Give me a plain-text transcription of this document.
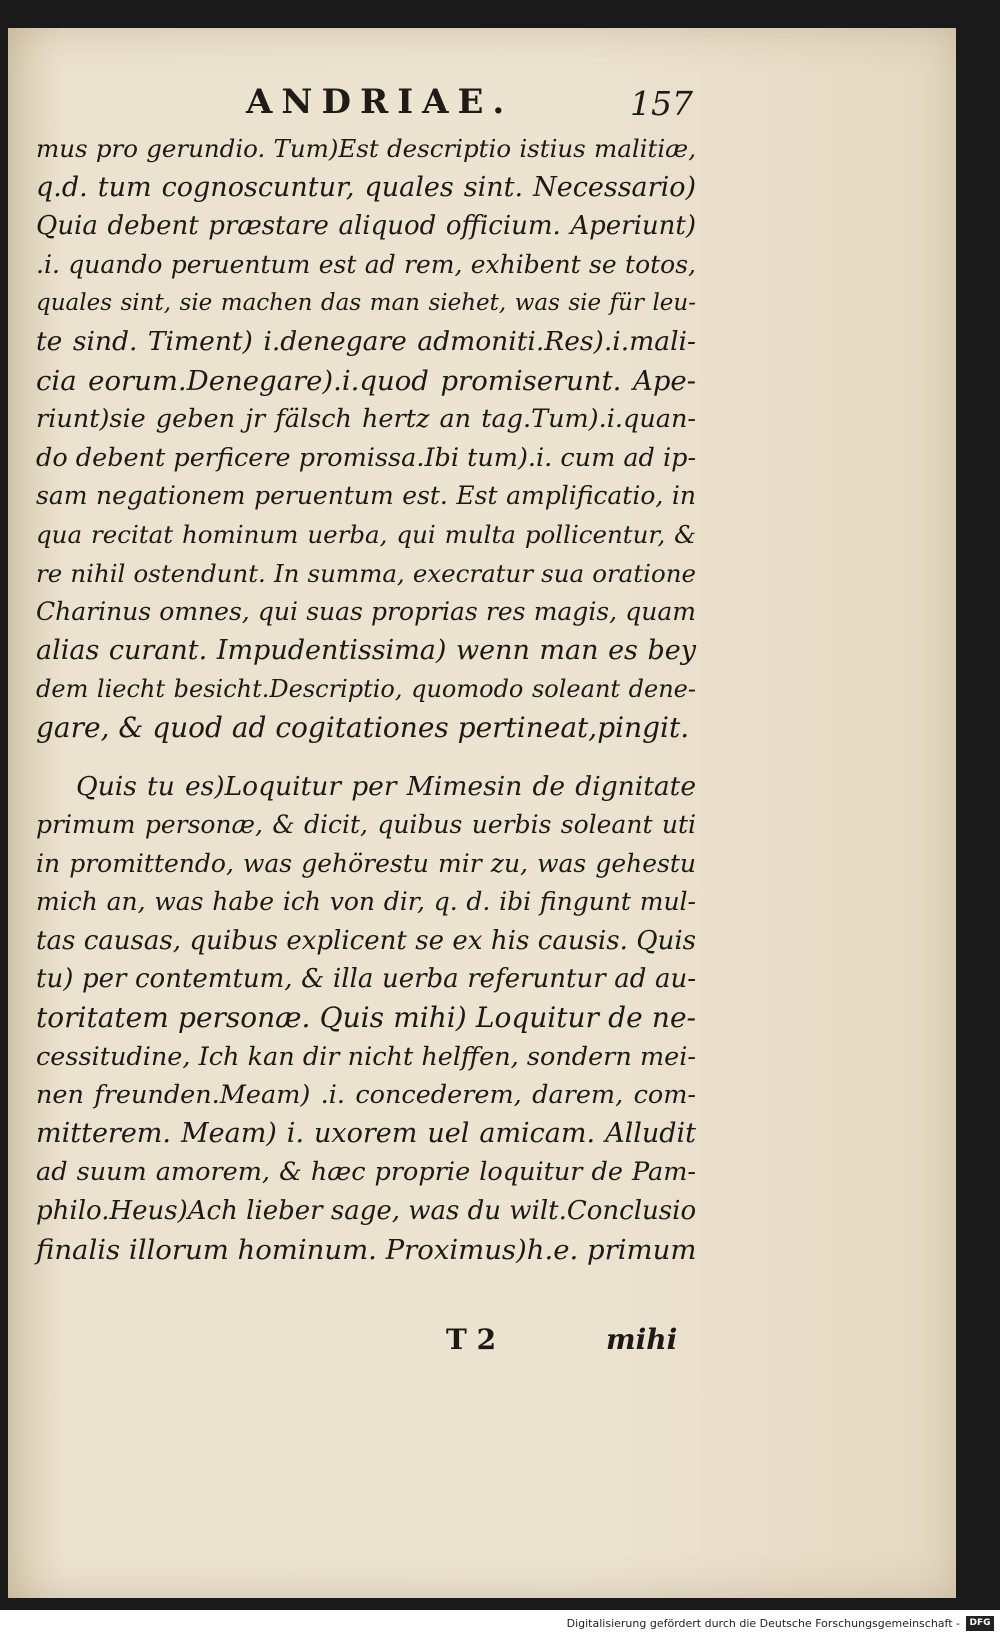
ANDRIAE.	157
mus pro gerundio. Tum)Est descriptio istius malitiæ,
q.d. tum cognoscuntur, quales sint. Necessario)
Quia debent præstare aliquod officium. Aperiunt)
.i. quando peruentum est ad rem, exhibent se totos,
quales sint, sie machen das man siehet, was sie für leu-
te sind. Timent) i.denegare admoniti.Res).i.mali-
cia eorum.Denegare).i.quod promiserunt. Ape-
riunt)sie geben jr fälsch hertz an tag.Tum).i.quan-
do debent perficere promissa.Ibi tum).i. cum ad ip-
sam negationem peruentum est. Est amplificatio, in
qua recitat hominum uerba, qui multa pollicentur, &
re nihil ostendunt. In summa, execratur sua oratione
Charinus omnes, qui suas proprias res magis, quam
alias curant. Impudentissima) wenn man es bey
dem liecht besicht.Descriptio, quomodo soleant dene-
gare, & quod ad cogitationes pertineat,pingit.
Quis tu es)Loquitur per Mimesin de dignitate
primum personæ, & dicit, quibus uerbis soleant uti
in promittendo, was gehörestu mir zu, was gehestu
mich an, was habe ich von dir, q. d. ibi fingunt mul-
tas causas, quibus explicent se ex his causis. Quis
tu) per contemtum, & illa uerba referuntur ad au-
toritatem personæ. Quis mihi) Loquitur de ne-
cessitudine, Ich kan dir nicht helffen, sondern mei-
nen freunden.Meam) .i. concederem, darem, com-
mitterem. Meam) i. uxorem uel amicam. Alludit
ad suum amorem, & hæc proprie loquitur de Pam-
philo.Heus)Ach lieber sage, was du wilt.Conclusio
finalis illorum hominum. Proximus)h.e. primum
T 2	mihi
Digitalisierung gefördert durch die Deutsche Forschungsgemeinschaft -	DFG
